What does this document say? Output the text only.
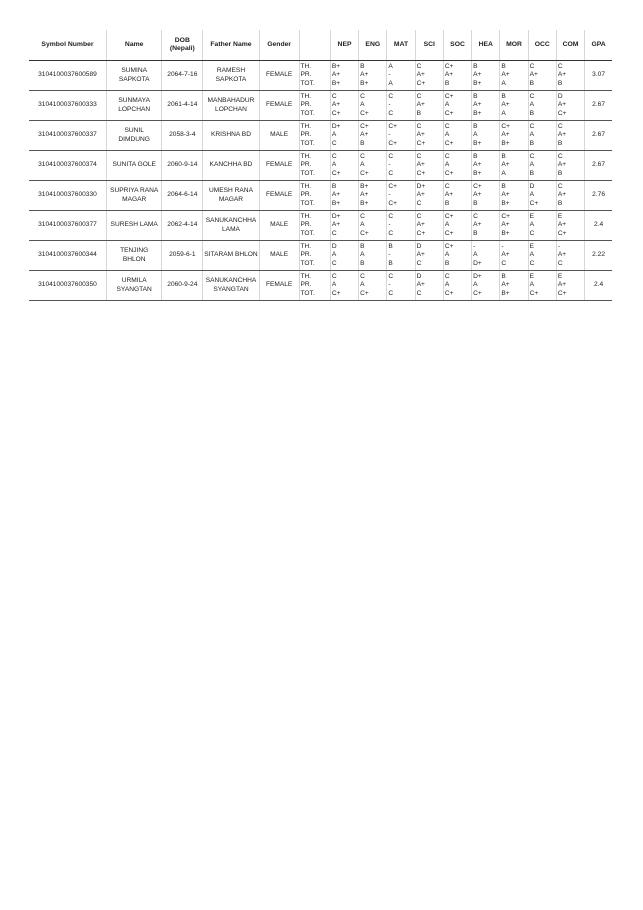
Symbol Number	Name	DOB (Nepali)	Father Name	Gender		NEP	ENG	MAT	SCI	SOC	HEA	MOR	OCC	COM	GPA
3104100037600589	SUMINA SAPKOTA	2064-7-16	RAMESH SAPKOTA	FEMALE	TH.
PR.
TOT.	B+
A+
B+	B
A+
B+	A
-
A	C
A+
C+	C+
A+
B	B
A+
B+	B
A+
A	C
A+
B	C
A+
B	3.07
3104100037600333	SUNMAYA LOPCHAN	2061-4-14	MANBAHADUR LOPCHAN	FEMALE	TH.
PR.
TOT.	C
A+
C+	C
A
C+	C
-
C	C
A+
B	C+
A
C+	B
A+
B+	B
A+
A	C
A
B	D
A+
C+	2.67
3104100037600337	SUNIL DIMDUNG	2058-3-4	KRISHNA BD	MALE	TH.
PR.
TOT.	D+
A
C	C+
A+
B	C+
-
C+	C
A+
C+	C
A
C+	B
A
B+	C+
A+
B+	C
A
B	C
A+
B	2.67
3104100037600374	SUNITA GOLE	2060-9-14	KANCHHA BD	FEMALE	TH.
PR.
TOT.	C
A
C+	C
A
C+	C
-
C	C
A+
C+	C
A
C+	B
A+
B+	B
A+
A	C
A
B	C
A+
B	2.67
3104100037600330	SUPRIYA RANA MAGAR	2064-6-14	UMESH RANA MAGAR	FEMALE	TH.
PR.
TOT.	B
A+
B+	B+
A+
B+	C+
-
C+	D+
A+
C	C
A+
B	C+
A+
B	B
A+
B+	D
A
C+	C
A+
B	2.76
3104100037600377	SURESH LAMA	2062-4-14	SANUKANCHHA LAMA	MALE	TH.
PR.
TOT.	D+
A+
C	C
A
C+	C
-
C	C
A+
C+	C+
A
C+	C
A+
B	C+
A+
B+	E
A
C	E
A+
C+	2.4
3104100037600344	TENJING BHLON	2059-6-1	SITARAM BHLON	MALE	TH.
PR.
TOT.	D
A
C	B
A
B	B
-
B	D
A+
C	C+
A
B	-
A
D+	-
A+
C	E
A
C	-
A+
C	2.22
3104100037600350	URMILA SYANGTAN	2060-9-24	SANUKANCHHA SYANGTAN	FEMALE	TH.
PR.
TOT.	C
A
C+	C
A
C+	C
-
C	D
A+
C	C
A
C+	D+
A
C+	B
A+
B+	E
A
C+	E
A+
C+	2.4
